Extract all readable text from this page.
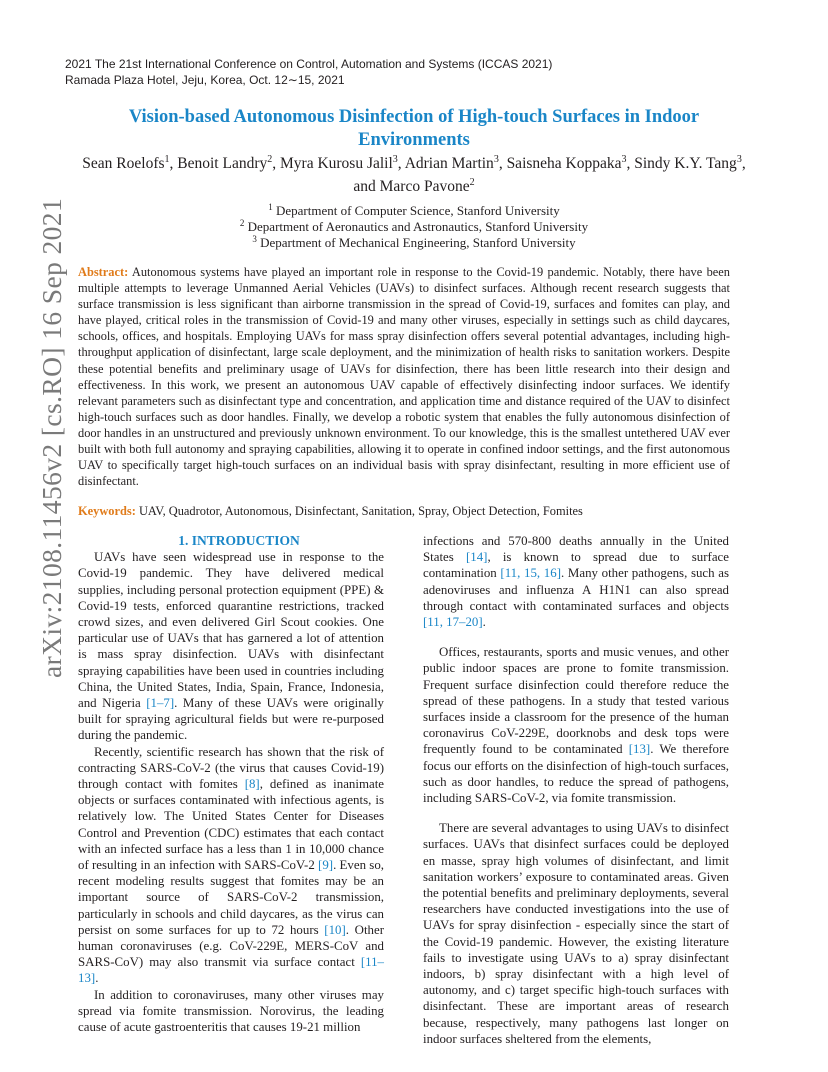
2021 The 21st International Conference on Control, Automation and Systems (ICCAS 2021)
Ramada Plaza Hotel, Jeju, Korea, Oct. 12∼15, 2021
arXiv:2108.11456v2 [cs.RO] 16 Sep 2021
Vision-based Autonomous Disinfection of High-touch Surfaces in Indoor Environments
Sean Roelofs$^1$, Benoit Landry$^2$, Myra Kurosu Jalil$^3$, Adrian Martin$^3$, Saisneha Koppaka$^3$, Sindy K.Y. Tang$^3$, and Marco Pavone$^2$
$^1$ Department of Computer Science, Stanford University
$^2$ Department of Aeronautics and Astronautics, Stanford University
$^3$ Department of Mechanical Engineering, Stanford University
Abstract: Autonomous systems have played an important role in response to the Covid-19 pandemic. Notably, there have been multiple attempts to leverage Unmanned Aerial Vehicles (UAVs) to disinfect surfaces. Although recent research suggests that surface transmission is less significant than airborne transmission in the spread of Covid-19, surfaces and fomites can play, and have played, critical roles in the transmission of Covid-19 and many other viruses, especially in settings such as child daycares, schools, offices, and hospitals. Employing UAVs for mass spray disinfection offers several potential advantages, including high-throughput application of disinfectant, large scale deployment, and the minimization of health risks to sanitation workers. Despite these potential benefits and preliminary usage of UAVs for disinfection, there has been little research into their design and effectiveness. In this work, we present an autonomous UAV capable of effectively disinfecting indoor surfaces. We identify relevant parameters such as disinfectant type and concentration, and application time and distance required of the UAV to disinfect high-touch surfaces such as door handles. Finally, we develop a robotic system that enables the fully autonomous disinfection of door handles in an unstructured and previously unknown environment. To our knowledge, this is the smallest untethered UAV ever built with both full autonomy and spraying capabilities, allowing it to operate in confined indoor settings, and the first autonomous UAV to specifically target high-touch surfaces on an individual basis with spray disinfectant, resulting in more efficient use of disinfectant.
Keywords: UAV, Quadrotor, Autonomous, Disinfectant, Sanitation, Spray, Object Detection, Fomites

1. INTRODUCTION

UAVs have seen widespread use in response to the Covid-19 pandemic. They have delivered medical supplies, including personal protection equipment (PPE) & Covid-19 tests, enforced quarantine restrictions, tracked crowd sizes, and even delivered Girl Scout cookies. One particular use of UAVs that has garnered a lot of attention is mass spray disinfection. UAVs with disinfectant spraying capabilities have been used in countries including China, the United States, India, Spain, France, Indonesia, and Nigeria [1–7]. Many of these UAVs were originally built for spraying agricultural fields but were re-purposed during the pandemic.

Recently, scientific research has shown that the risk of contracting SARS-CoV-2 (the virus that causes Covid-19) through contact with fomites [8], defined as inanimate objects or surfaces contaminated with infectious agents, is relatively low. The United States Center for Diseases Control and Prevention (CDC) estimates that each contact with an infected surface has a less than 1 in 10,000 chance of resulting in an infection with SARS-CoV-2 [9]. Even so, recent modeling results suggest that fomites may be an important source of SARS-CoV-2 transmission, particularly in schools and child daycares, as the virus can persist on some surfaces for up to 72 hours [10]. Other human coronaviruses (e.g. CoV-229E, MERS-CoV and SARS-CoV) may also transmit via surface contact [11–13].

In addition to coronaviruses, many other viruses may spread via fomite transmission. Norovirus, the leading cause of acute gastroenteritis that causes 19-21 million

infections and 570-800 deaths annually in the United States [14], is known to spread due to surface contamination [11, 15, 16]. Many other pathogens, such as adenoviruses and influenza A H1N1 can also spread through contact with contaminated surfaces and objects [11, 17–20].

Offices, restaurants, sports and music venues, and other public indoor spaces are prone to fomite transmission. Frequent surface disinfection could therefore reduce the spread of these pathogens. In a study that tested various surfaces inside a classroom for the presence of the human coronavirus CoV-229E, doorknobs and desk tops were frequently found to be contaminated [13]. We therefore focus our efforts on the disinfection of high-touch surfaces, such as door handles, to reduce the spread of pathogens, including SARS-CoV-2, via fomite transmission.

There are several advantages to using UAVs to disinfect surfaces. UAVs that disinfect surfaces could be deployed en masse, spray high volumes of disinfectant, and limit sanitation workers’ exposure to contaminated areas. Given the potential benefits and preliminary deployments, several researchers have conducted investigations into the use of UAVs for spray disinfection - especially since the start of the Covid-19 pandemic. However, the existing literature fails to investigate using UAVs to a) spray disinfectant indoors, b) spray disinfectant with a high level of autonomy, and c) target specific high-touch surfaces with disinfectant. These are important areas of research because, respectively, many pathogens last longer on indoor surfaces sheltered from the elements,
